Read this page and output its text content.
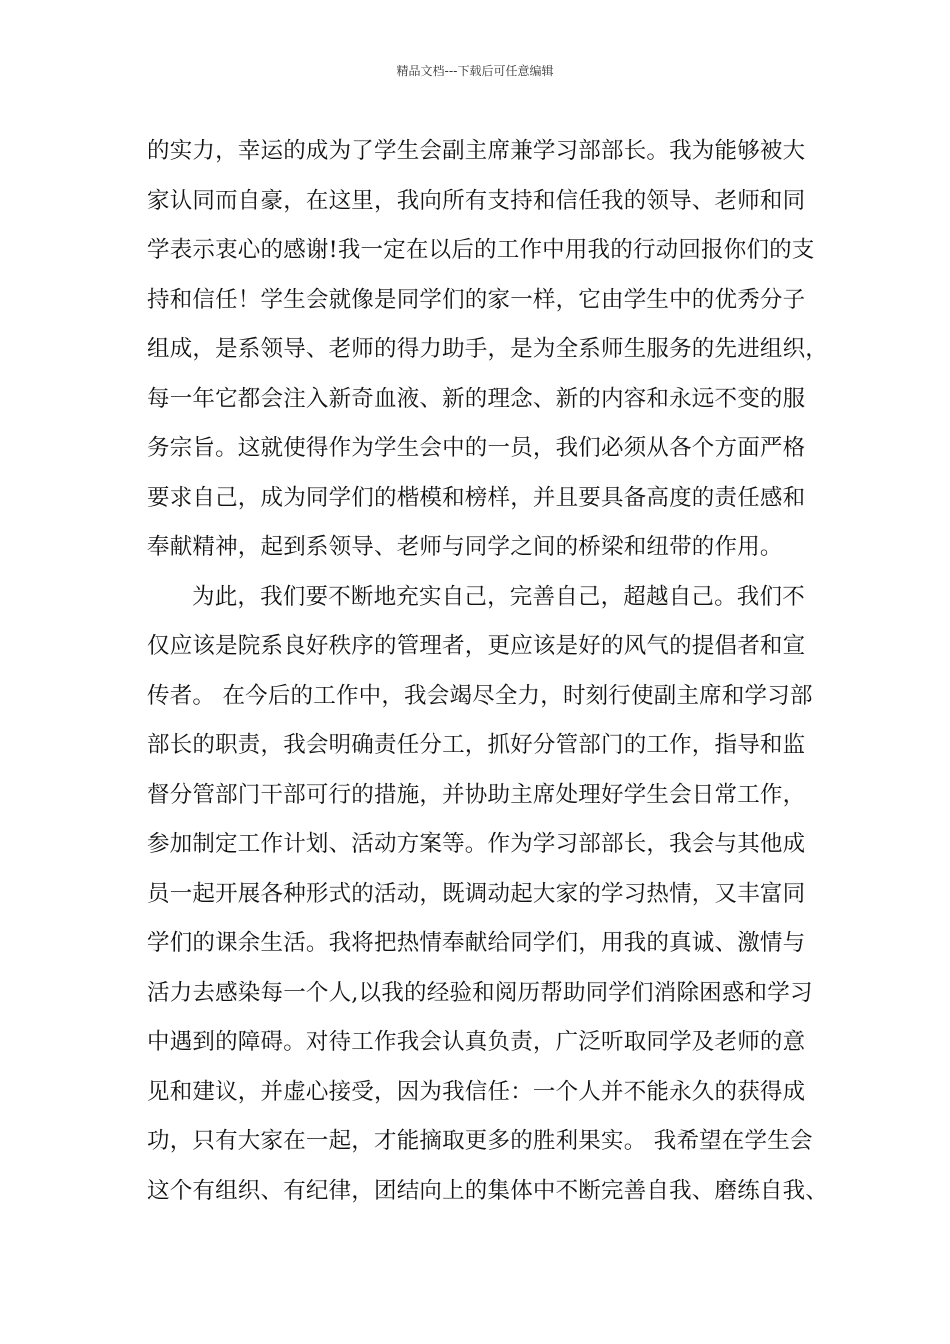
精品文档---下载后可任意编辑
的实力，幸运的成为了学生会副主席兼学习部部长。我为能够被大
家认同而自豪，在这里，我向所有支持和信任我的领导、老师和同
学表示衷心的感谢!我一定在以后的工作中用我的行动回报你们的支
持和信任！学生会就像是同学们的家一样，它由学生中的优秀分子
组成，是系领导、老师的得力助手，是为全系师生服务的先进组织，
每一年它都会注入新奇血液、新的理念、新的内容和永远不变的服
务宗旨。这就使得作为学生会中的一员，我们必须从各个方面严格
要求自己，成为同学们的楷模和榜样，并且要具备高度的责任感和
奉献精神，起到系领导、老师与同学之间的桥梁和纽带的作用。
为此，我们要不断地充实自己，完善自己，超越自己。我们不
仅应该是院系良好秩序的管理者，更应该是好的风气的提倡者和宣
传者。 在今后的工作中，我会竭尽全力，时刻行使副主席和学习部
部长的职责，我会明确责任分工，抓好分管部门的工作，指导和监
督分管部门干部可行的措施，并协助主席处理好学生会日常工作，
参加制定工作计划、活动方案等。作为学习部部长，我会与其他成
员一起开展各种形式的活动，既调动起大家的学习热情，又丰富同
学们的课余生活。我将把热情奉献给同学们，用我的真诚、激情与
活力去感染每一个人,以我的经验和阅历帮助同学们消除困惑和学习
中遇到的障碍。对待工作我会认真负责，广泛听取同学及老师的意
见和建议，并虚心接受，因为我信任：一个人并不能永久的获得成
功，只有大家在一起，才能摘取更多的胜利果实。 我希望在学生会
这个有组织、有纪律，团结向上的集体中不断完善自我、磨练自我、
